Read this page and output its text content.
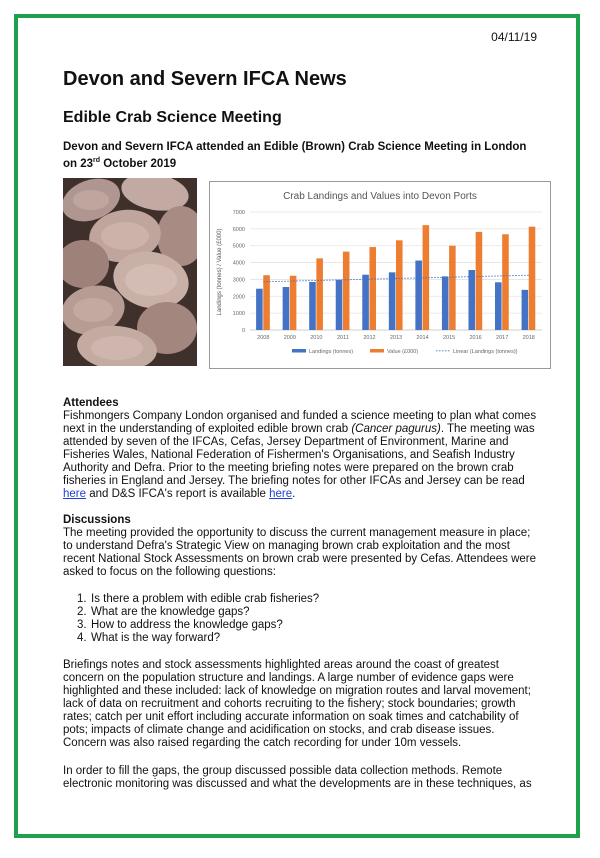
04/11/19
Devon and Severn IFCA News
Edible Crab Science Meeting
Devon and Severn IFCA attended an Edible (Brown) Crab Science Meeting in London on 23rd October 2019
Crab Landings and Values into Devon Ports
Landings (tonnes) / Value (£000)
0
1000
2000
3000
4000
5000
6000
7000
2008	2009	2010	2011	2012	2013	2014	2015	2016	2017	2018
Landings (tonnes)	Value (£000)	Linear (Landings (tonnes))
Attendees

Fishmongers Company London organised and funded a science meeting to plan what comes next in the understanding of exploited edible brown crab (Cancer pagurus). The meeting was attended by seven of the IFCAs, Cefas, Jersey Department of Environment, Marine and Fisheries Wales, National Federation of Fishermen's Organisations, and Seafish Industry Authority and Defra. Prior to the meeting briefing notes were prepared on the brown crab fisheries in England and Jersey. The briefing notes for other IFCAs and Jersey can be read here and D&S IFCA's report is available here.

Discussions

The meeting provided the opportunity to discuss the current management measure in place; to understand Defra's Strategic View on managing brown crab exploitation and the most recent National Stock Assessments on brown crab were presented by Cefas. Attendees were asked to focus on the following questions:

1. Is there a problem with edible crab fisheries?
2. What are the knowledge gaps?
3. How to address the knowledge gaps?
4. What is the way forward?

Briefings notes and stock assessments highlighted areas around the coast of greatest concern on the population structure and landings. A large number of evidence gaps were highlighted and these included: lack of knowledge on migration routes and larval movement; lack of data on recruitment and cohorts recruiting to the fishery; stock boundaries; growth rates; catch per unit effort including accurate information on soak times and catchability of pots; impacts of climate change and acidification on stocks, and crab disease issues. Concern was also raised regarding the catch recording for under 10m vessels.

In order to fill the gaps, the group discussed possible data collection methods. Remote electronic monitoring was discussed and what the developments are in these techniques, as
